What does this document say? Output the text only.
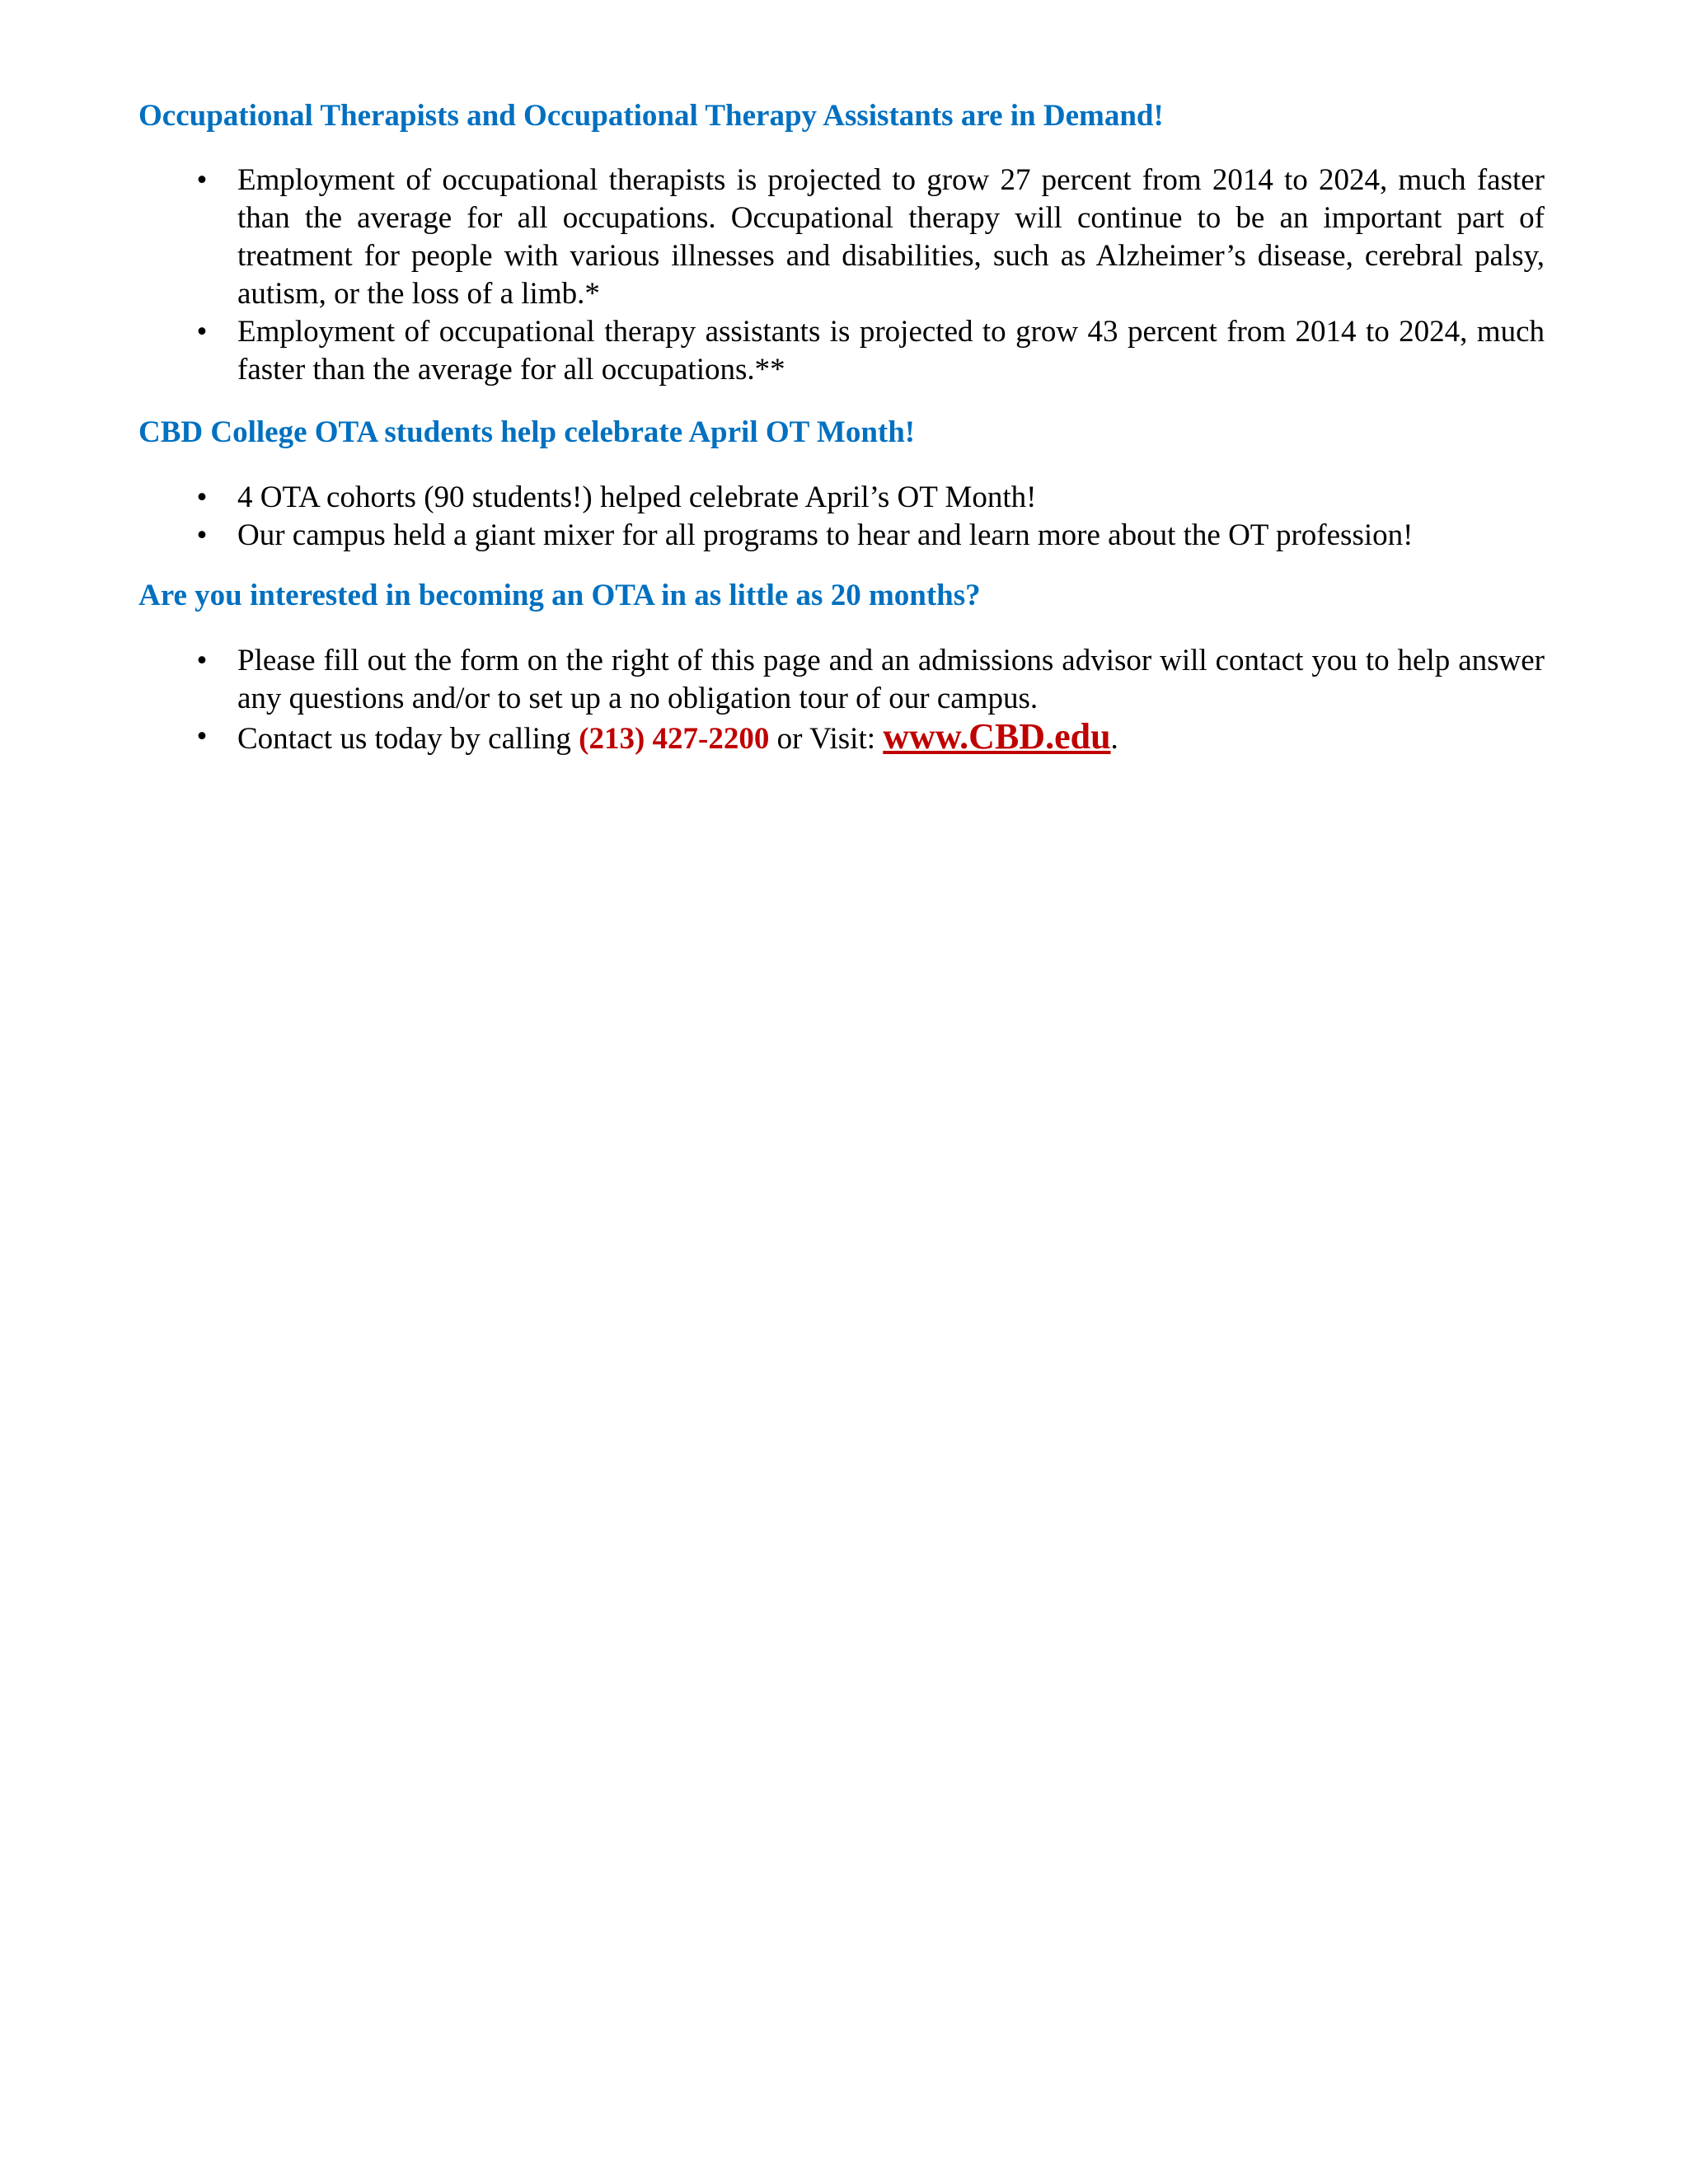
Occupational Therapists and Occupational Therapy Assistants are in Demand!
• Employment of occupational therapists is projected to grow 27 percent from 2014 to 2024, much faster than the average for all occupations. Occupational therapy will continue to be an important part of treatment for people with various illnesses and disabilities, such as Alzheimer’s disease, cerebral palsy, autism, or the loss of a limb.*
• Employment of occupational therapy assistants is projected to grow 43 percent from 2014 to 2024, much faster than the average for all occupations.**
CBD College OTA students help celebrate April OT Month!
• 4 OTA cohorts (90 students!) helped celebrate April’s OT Month!
• Our campus held a giant mixer for all programs to hear and learn more about the OT profession!
Are you interested in becoming an OTA in as little as 20 months?
• Please fill out the form on the right of this page and an admissions advisor will contact you to help answer any questions and/or to set up a no obligation tour of our campus.
• Contact us today by calling (213) 427-2200 or Visit: www.CBD.edu.
